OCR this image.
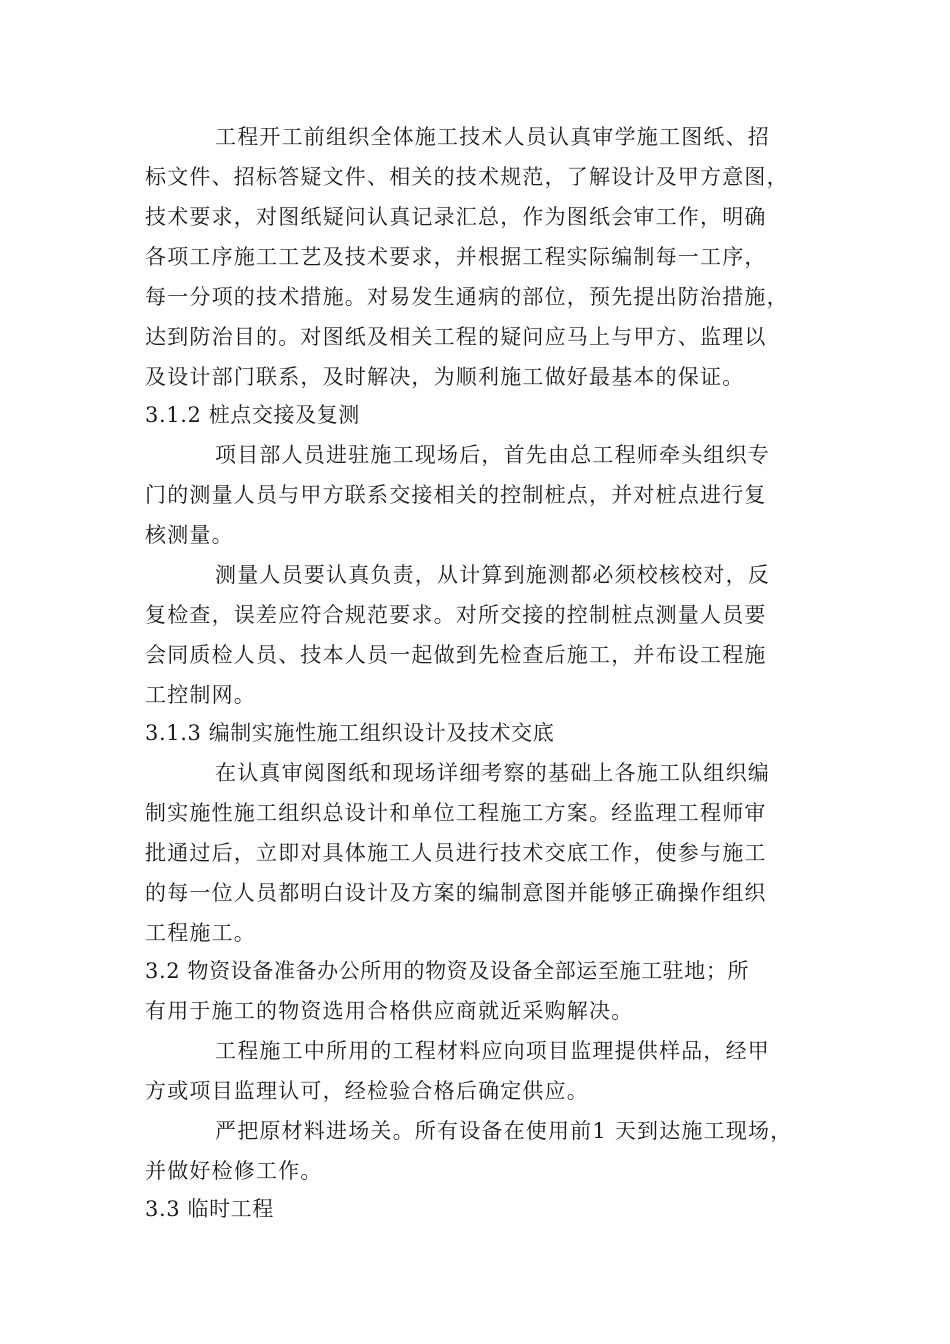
工程开工前组织全体施工技术人员认真审学施工图纸、招
标文件、招标答疑文件、相关的技术规范，了解设计及甲方意图，
技术要求，对图纸疑问认真记录汇总，作为图纸会审工作，明确
各项工序施工工艺及技术要求，并根据工程实际编制每一工序，
每一分项的技术措施。对易发生通病的部位，预先提出防治措施，
达到防治目的。对图纸及相关工程的疑问应马上与甲方、监理以
及设计部门联系，及时解决，为顺利施工做好最基本的保证。
3.1.2 桩点交接及复测
项目部人员进驻施工现场后，首先由总工程师牵头组织专
门的测量人员与甲方联系交接相关的控制桩点，并对桩点进行复
核测量。
测量人员要认真负责，从计算到施测都必须校核校对，反
复检查，误差应符合规范要求。对所交接的控制桩点测量人员要
会同质检人员、技本人员一起做到先检查后施工，并布设工程施
工控制网。
3.1.3 编制实施性施工组织设计及技术交底
在认真审阅图纸和现场详细考察的基础上各施工队组织编
制实施性施工组织总设计和单位工程施工方案。经监理工程师审
批通过后，立即对具体施工人员进行技术交底工作，使参与施工
的每一位人员都明白设计及方案的编制意图并能够正确操作组织
工程施工。
3.2 物资设备准备办公所用的物资及设备全部运至施工驻地；所
有用于施工的物资选用合格供应商就近采购解决。
工程施工中所用的工程材料应向项目监理提供样品，经甲
方或项目监理认可，经检验合格后确定供应。
严把原材料进场关。所有设备在使用前1 天到达施工现场，
并做好检修工作。
3.3 临时工程
